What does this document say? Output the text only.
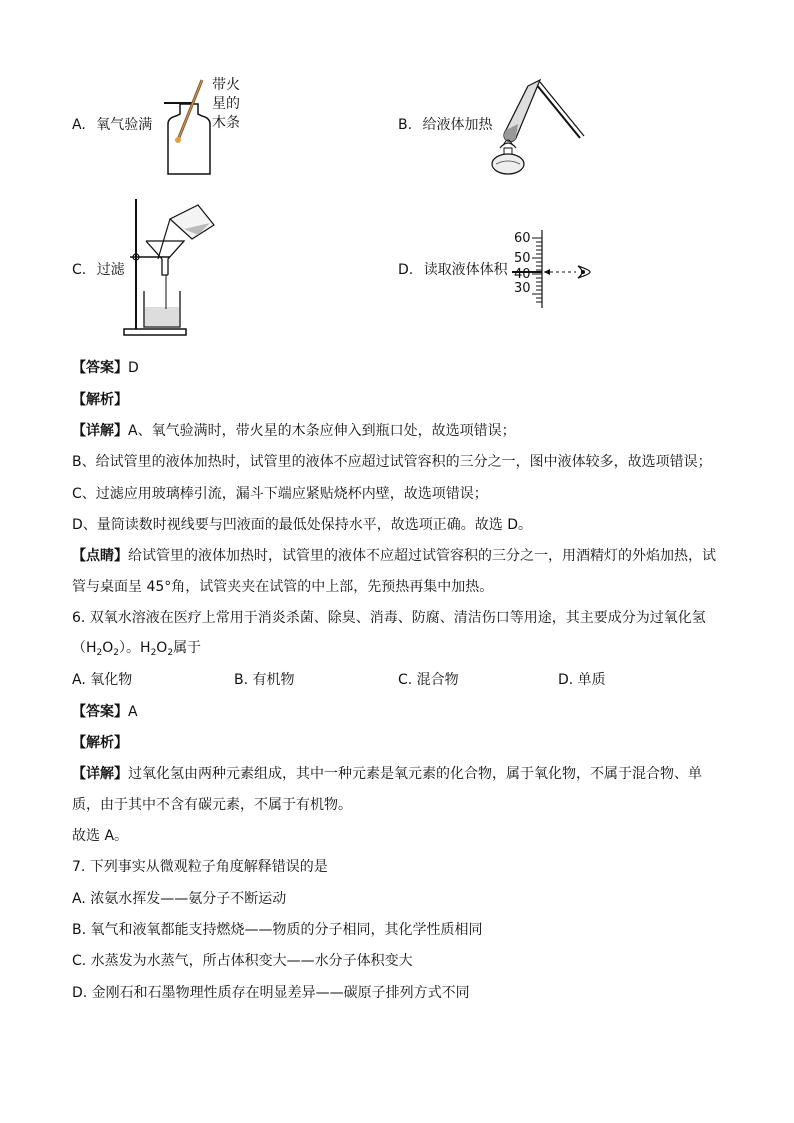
A. 氧气验满
带火
星的
木条	B. 给液体加热
C. 过滤	D. 读取液体体积
60
50
40
30
【答案】D
【解析】
【详解】A、氧气验满时，带火星的木条应伸入到瓶口处，故选项错误；
B、给试管里的液体加热时，试管里的液体不应超过试管容积的三分之一，图中液体较多，故选项错误；
C、过滤应用玻璃棒引流，漏斗下端应紧贴烧杯内壁，故选项错误；
D、量筒读数时视线要与凹液面的最低处保持水平，故选项正确。故选 D。
【点睛】给试管里的液体加热时，试管里的液体不应超过试管容积的三分之一，用酒精灯的外焰加热，试
管与桌面呈 45°角，试管夹夹在试管的中上部，先预热再集中加热。
6. 双氧水溶液在医疗上常用于消炎杀菌、除臭、消毒、防腐、清洁伤口等用途，其主要成分为过氧化氢
$(H_2O_2)$。$H_2O_2$属于
A. 氧化物	B. 有机物	C. 混合物	D. 单质
【答案】A
【解析】
【详解】过氧化氢由两种元素组成，其中一种元素是氧元素的化合物，属于氧化物，不属于混合物、单
质，由于其中不含有碳元素，不属于有机物。
故选 A。
7. 下列事实从微观粒子角度解释错误的是
A. 浓氨水挥发——氨分子不断运动
B. 氧气和液氧都能支持燃烧——物质的分子相同，其化学性质相同
C. 水蒸发为水蒸气，所占体积变大——水分子体积变大
D. 金刚石和石墨物理性质存在明显差异——碳原子排列方式不同
